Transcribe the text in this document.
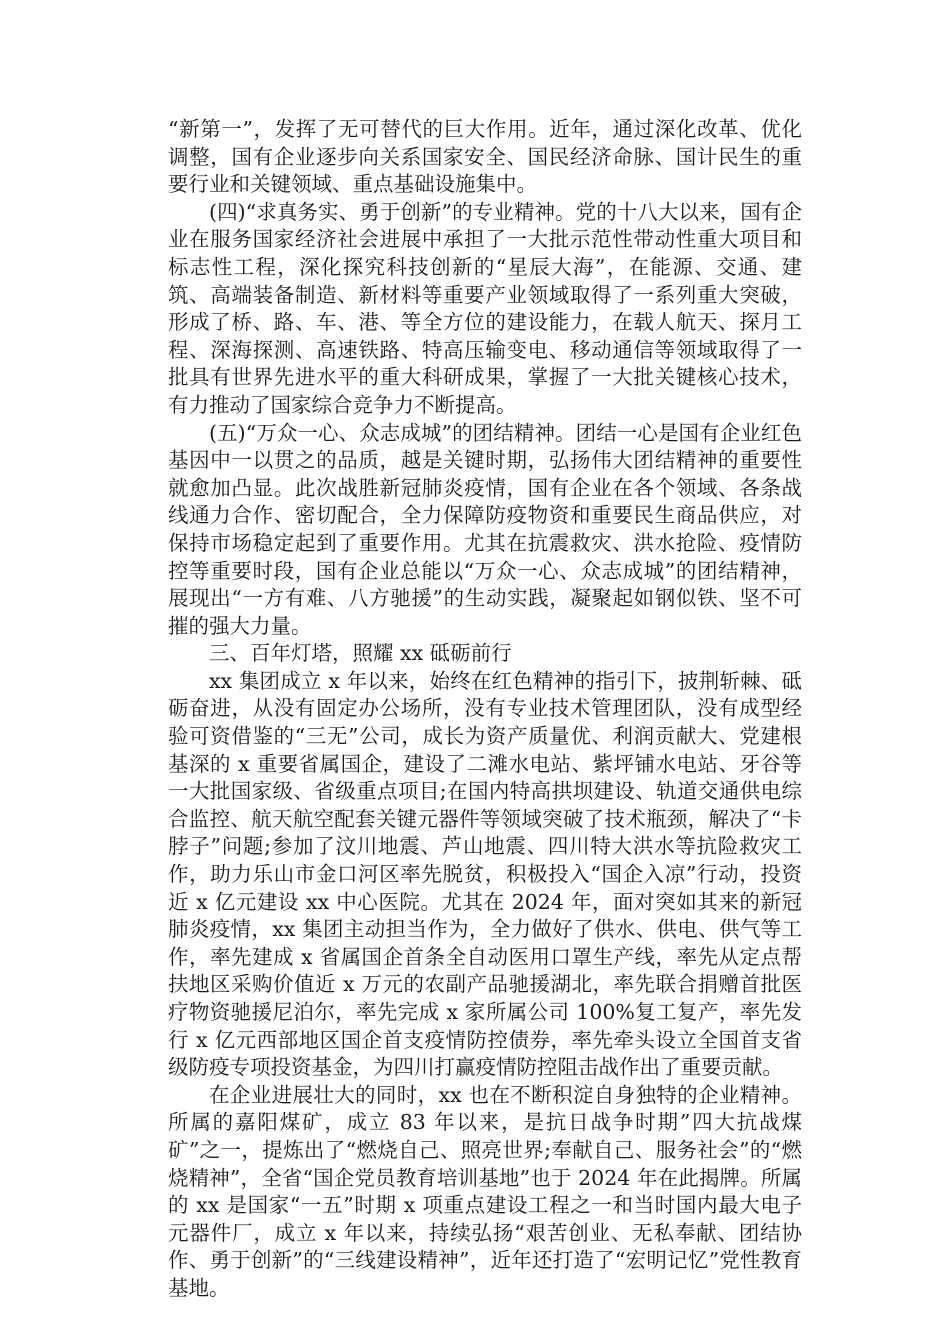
“新第一”，发挥了无可替代的巨大作用。近年，通过深化改革、优化调整，国有企业逐步向关系国家安全、国民经济命脉、国计民生的重要行业和关键领域、重点基础设施集中。

(四)“求真务实、勇于创新”的专业精神。党的十八大以来，国有企业在服务国家经济社会进展中承担了一大批示范性带动性重大项目和标志性工程，深化探究科技创新的“星辰大海”，在能源、交通、建筑、高端装备制造、新材料等重要产业领域取得了一系列重大突破，形成了桥、路、车、港、等全方位的建设能力，在载人航天、探月工程、深海探测、高速铁路、特高压输变电、移动通信等领域取得了一批具有世界先进水平的重大科研成果，掌握了一大批关键核心技术，有力推动了国家综合竞争力不断提高。

(五)“万众一心、众志成城”的团结精神。团结一心是国有企业红色基因中一以贯之的品质，越是关键时期，弘扬伟大团结精神的重要性就愈加凸显。此次战胜新冠肺炎疫情，国有企业在各个领域、各条战线通力合作、密切配合，全力保障防疫物资和重要民生商品供应，对保持市场稳定起到了重要作用。尤其在抗震救灾、洪水抢险、疫情防控等重要时段，国有企业总能以“万众一心、众志成城”的团结精神，展现出“一方有难、八方驰援”的生动实践，凝聚起如钢似铁、坚不可摧的强大力量。

三、百年灯塔，照耀 xx 砥砺前行

xx 集团成立 x 年以来，始终在红色精神的指引下，披荆斩棘、砥砺奋进，从没有固定办公场所，没有专业技术管理团队，没有成型经验可资借鉴的“三无”公司，成长为资产质量优、利润贡献大、党建根基深的 x 重要省属国企，建设了二滩水电站、紫坪铺水电站、牙谷等一大批国家级、省级重点项目;在国内特高拱坝建设、轨道交通供电综合监控、航天航空配套关键元器件等领域突破了技术瓶颈，解决了“卡脖子”问题;参加了汶川地震、芦山地震、四川特大洪水等抗险救灾工作，助力乐山市金口河区率先脱贫，积极投入“国企入凉”行动，投资近 x 亿元建设 xx 中心医院。尤其在 2024 年，面对突如其来的新冠肺炎疫情，xx 集团主动担当作为，全力做好了供水、供电、供气等工作，率先建成 x 省属国企首条全自动医用口罩生产线，率先从定点帮扶地区采购价值近 x 万元的农副产品驰援湖北，率先联合捐赠首批医疗物资驰援尼泊尔，率先完成 x 家所属公司 100%复工复产，率先发行 x 亿元西部地区国企首支疫情防控债券，率先牵头设立全国首支省级防疫专项投资基金，为四川打赢疫情防控阻击战作出了重要贡献。

在企业进展壮大的同时，xx 也在不断积淀自身独特的企业精神。所属的嘉阳煤矿，成立 83 年以来，是抗日战争时期”四大抗战煤矿”之一，提炼出了“燃烧自己、照亮世界;奉献自己、服务社会”的“燃烧精神”，全省“国企党员教育培训基地”也于 2024 年在此揭牌。所属的 xx 是国家“一五”时期 x 项重点建设工程之一和当时国内最大电子元器件厂，成立 x 年以来，持续弘扬“艰苦创业、无私奉献、团结协作、勇于创新”的“三线建设精神”，近年还打造了“宏明记忆”党性教育基地。
